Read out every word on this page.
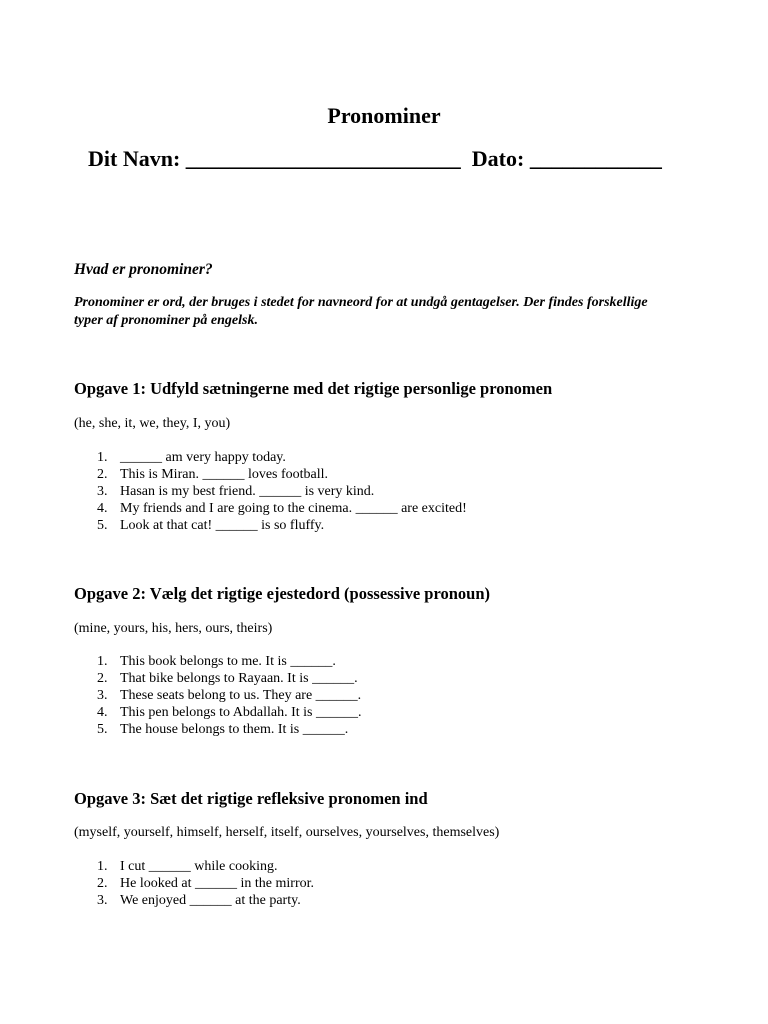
Pronominer

Dit Navn: _________________________  Dato: ____________

Hvad er pronominer?

Pronominer er ord, der bruges i stedet for navneord for at undgå gentagelser. Der findes forskellige typer af pronominer på engelsk.

Opgave 1: Udfyld sætningerne med det rigtige personlige pronomen

(he, she, it, we, they, I, you)

1. ______ am very happy today.
2. This is Miran. ______ loves football.
3. Hasan is my best friend. ______ is very kind.
4. My friends and I are going to the cinema. ______ are excited!
5. Look at that cat! ______ is so fluffy.
Opgave 2: Vælg det rigtige ejestedord (possessive pronoun)

(mine, yours, his, hers, ours, theirs)

1. This book belongs to me. It is ______.
2. That bike belongs to Rayaan. It is ______.
3. These seats belong to us. They are ______.
4. This pen belongs to Abdallah. It is ______.
5. The house belongs to them. It is ______.
Opgave 3: Sæt det rigtige refleksive pronomen ind

(myself, yourself, himself, herself, itself, ourselves, yourselves, themselves)

1. I cut ______ while cooking.
2. He looked at ______ in the mirror.
3. We enjoyed ______ at the party.
